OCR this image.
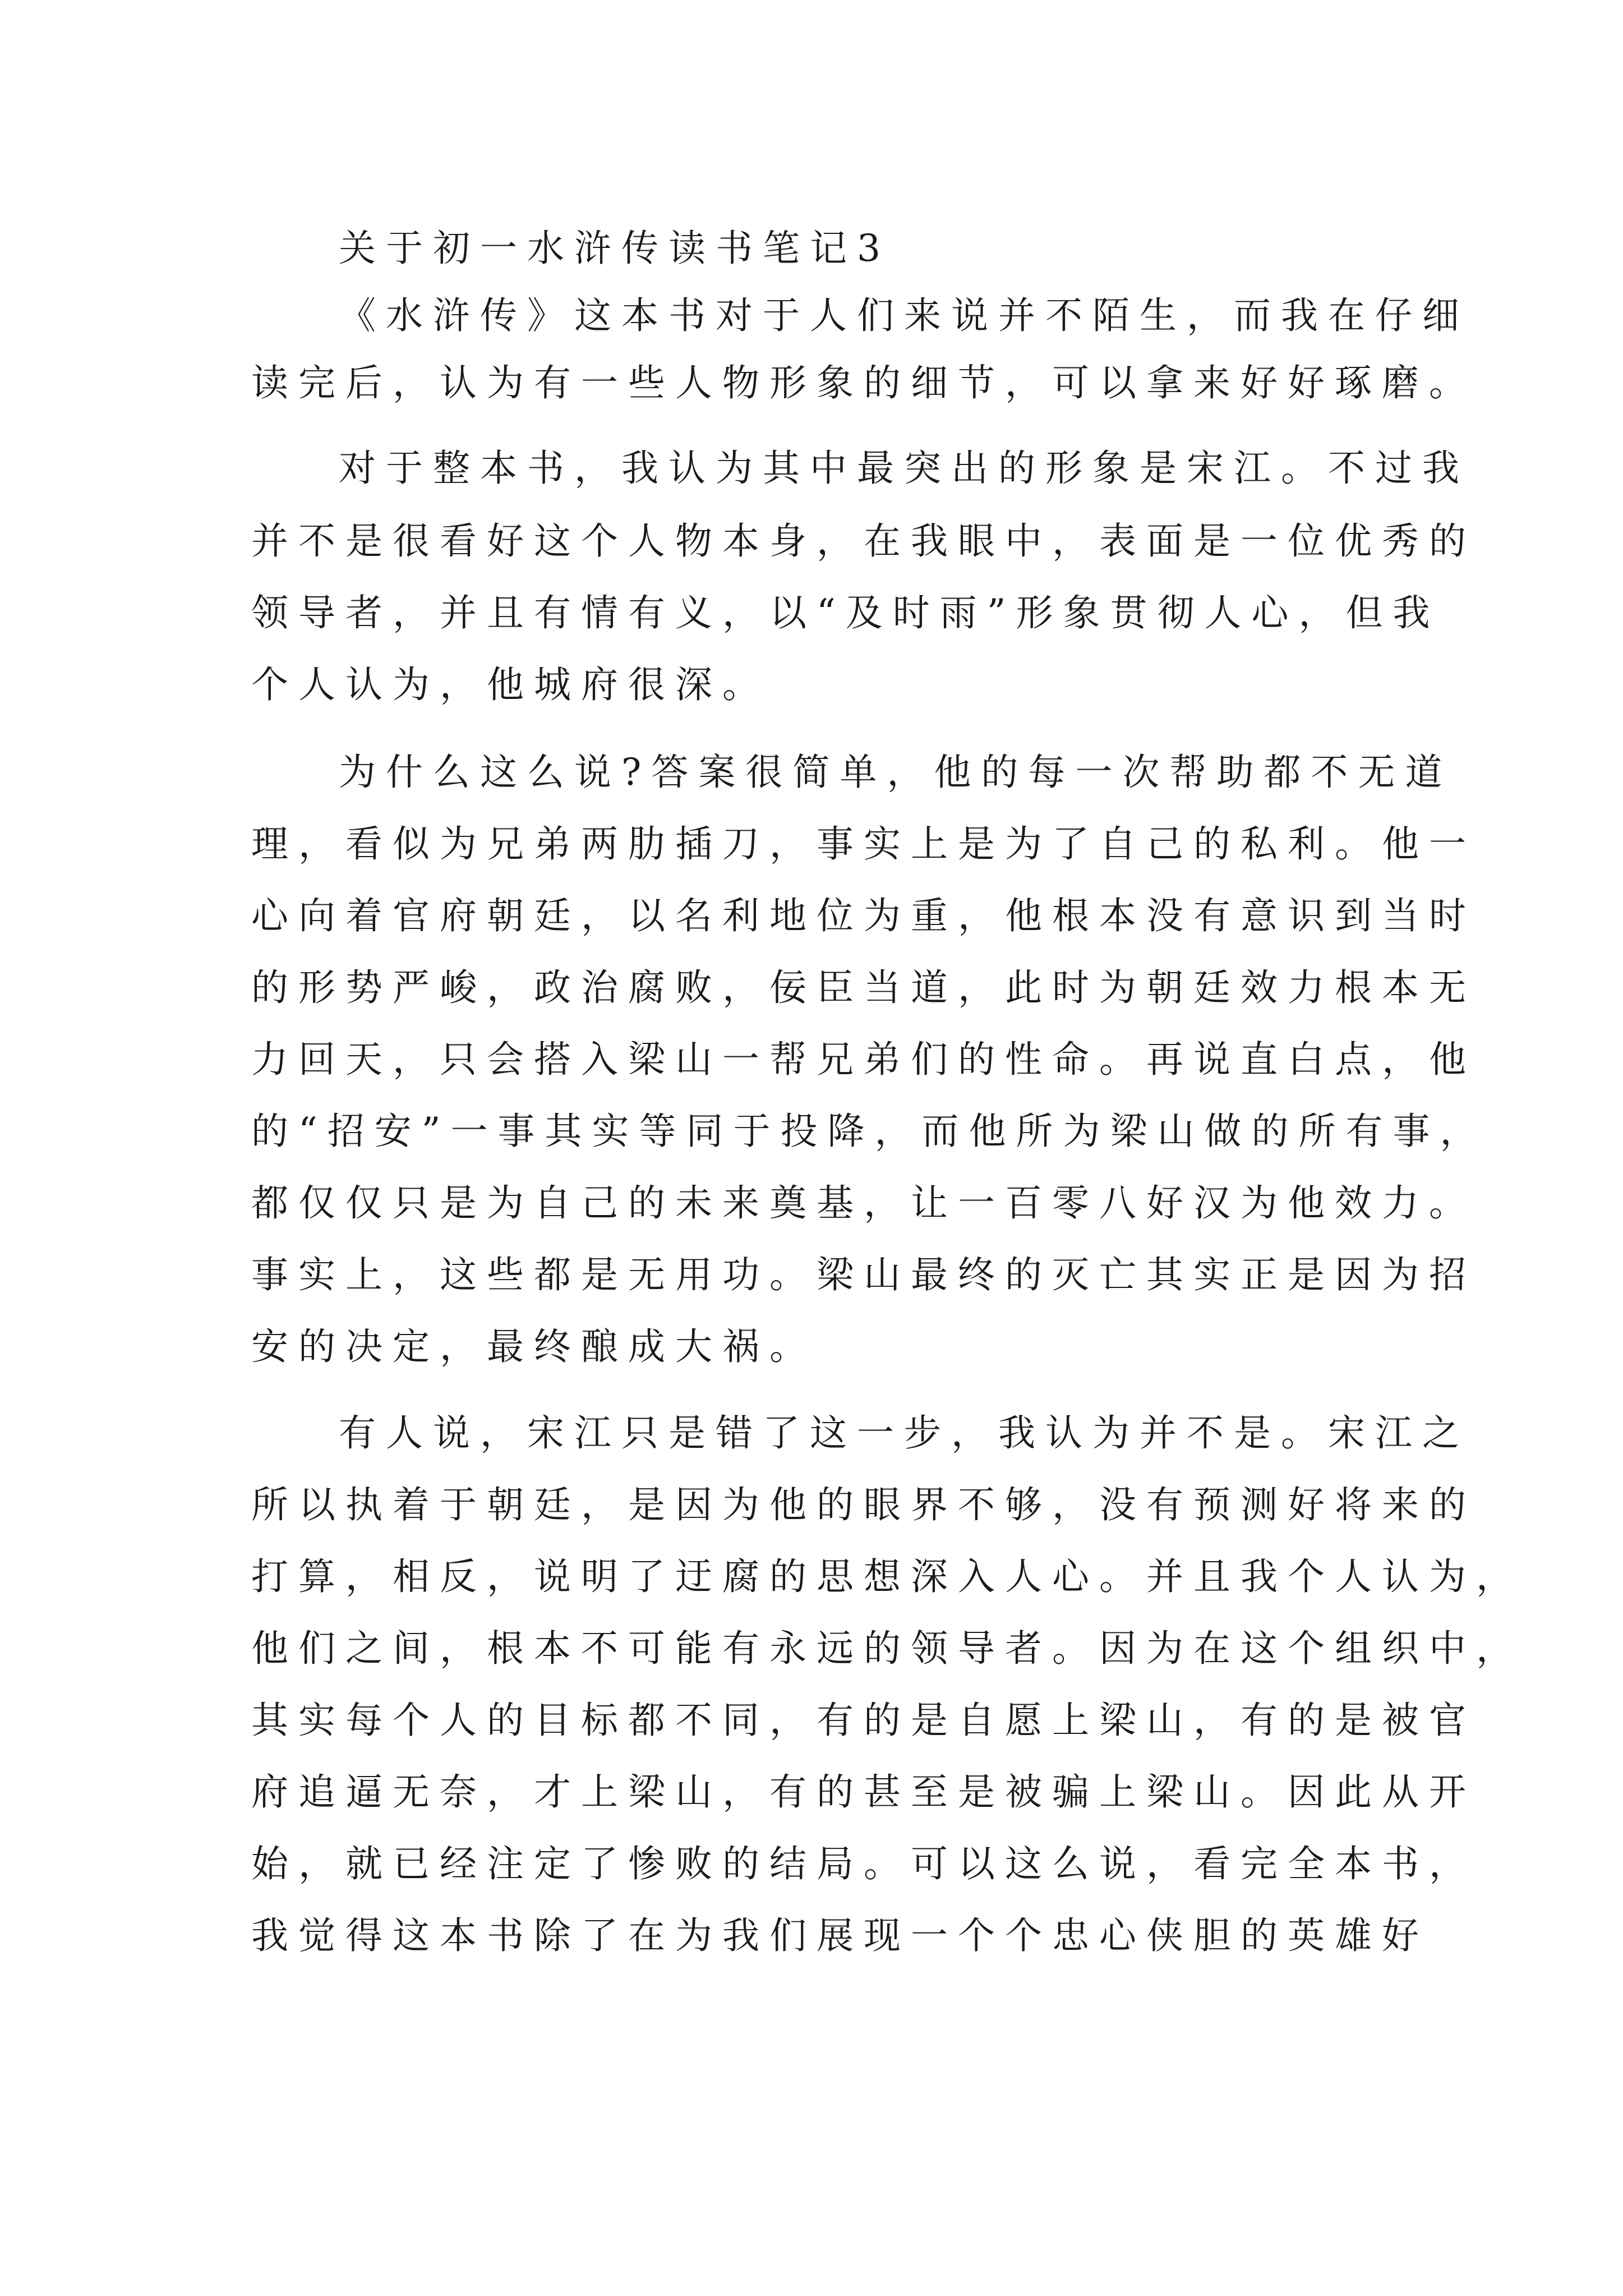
关于初一水浒传读书笔记3
《水浒传》这本书对于人们来说并不陌生，而我在仔细
读完后，认为有一些人物形象的细节，可以拿来好好琢磨。
对于整本书，我认为其中最突出的形象是宋江。不过我
并不是很看好这个人物本身，在我眼中，表面是一位优秀的
领导者，并且有情有义，以“及时雨”形象贯彻人心，但我
个人认为，他城府很深。
为什么这么说?答案很简单，他的每一次帮助都不无道
理，看似为兄弟两肋插刀，事实上是为了自己的私利。他一
心向着官府朝廷，以名利地位为重，他根本没有意识到当时
的形势严峻，政治腐败，佞臣当道，此时为朝廷效力根本无
力回天，只会搭入梁山一帮兄弟们的性命。再说直白点，他
的“招安”一事其实等同于投降，而他所为梁山做的所有事，
都仅仅只是为自己的未来奠基，让一百零八好汉为他效力。
事实上，这些都是无用功。梁山最终的灭亡其实正是因为招
安的决定，最终酿成大祸。
有人说，宋江只是错了这一步，我认为并不是。宋江之
所以执着于朝廷，是因为他的眼界不够，没有预测好将来的
打算，相反，说明了迂腐的思想深入人心。并且我个人认为，
他们之间，根本不可能有永远的领导者。因为在这个组织中，
其实每个人的目标都不同，有的是自愿上梁山，有的是被官
府追逼无奈，才上梁山，有的甚至是被骗上梁山。因此从开
始，就已经注定了惨败的结局。可以这么说，看完全本书，
我觉得这本书除了在为我们展现一个个忠心侠胆的英雄好
